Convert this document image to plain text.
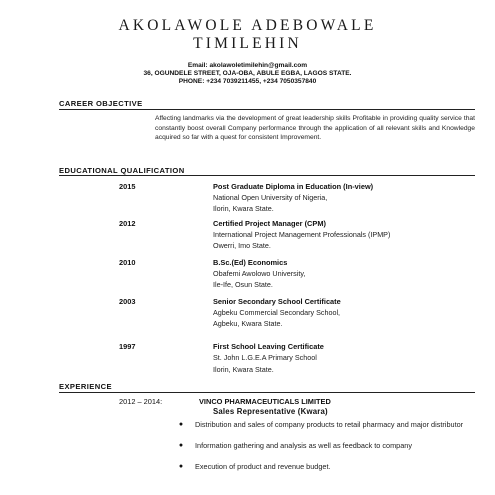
AKOLAWOLE ADEBOWALE
TIMILEHIN
Email: akolawoletimilehin@gmail.com
36, OGUNDELE STREET, OJA-OBA, ABULE EGBA, LAGOS STATE.
PHONE: +234 7039211455, +234 7050357840
CAREER OBJECTIVE
Affecting landmarks via the development of great leadership skills Profitable in providing quality service that constantly boost overall Company performance through the application of all relevant skills and Knowledge acquired so far with a quest for consistent Improvement.
EDUCATIONAL QUALIFICATION
2015	Post Graduate Diploma in Education (In-view)
National Open University of Nigeria,
Ilorin, Kwara State.
2012	Certified Project Manager (CPM)
International Project Management Professionals (IPMP)
Owerri, Imo State.
2010	B.Sc.(Ed) Economics
Obafemi Awolowo University,
Ile-Ife, Osun State.
2003	Senior Secondary School Certificate
Agbeku Commercial Secondary School,
Agbeku, Kwara State.
1997	First School Leaving Certificate
St. John L.G.E.A Primary School
Ilorin, Kwara State.
EXPERIENCE
2012 – 2014:	VINCO PHARMACEUTICALS LIMITED
Sales Representative (Kwara)
● Distribution and sales of company products to retail pharmacy and major distributor
● Information gathering and analysis as well as feedback to company
● Execution of product and revenue budget.
